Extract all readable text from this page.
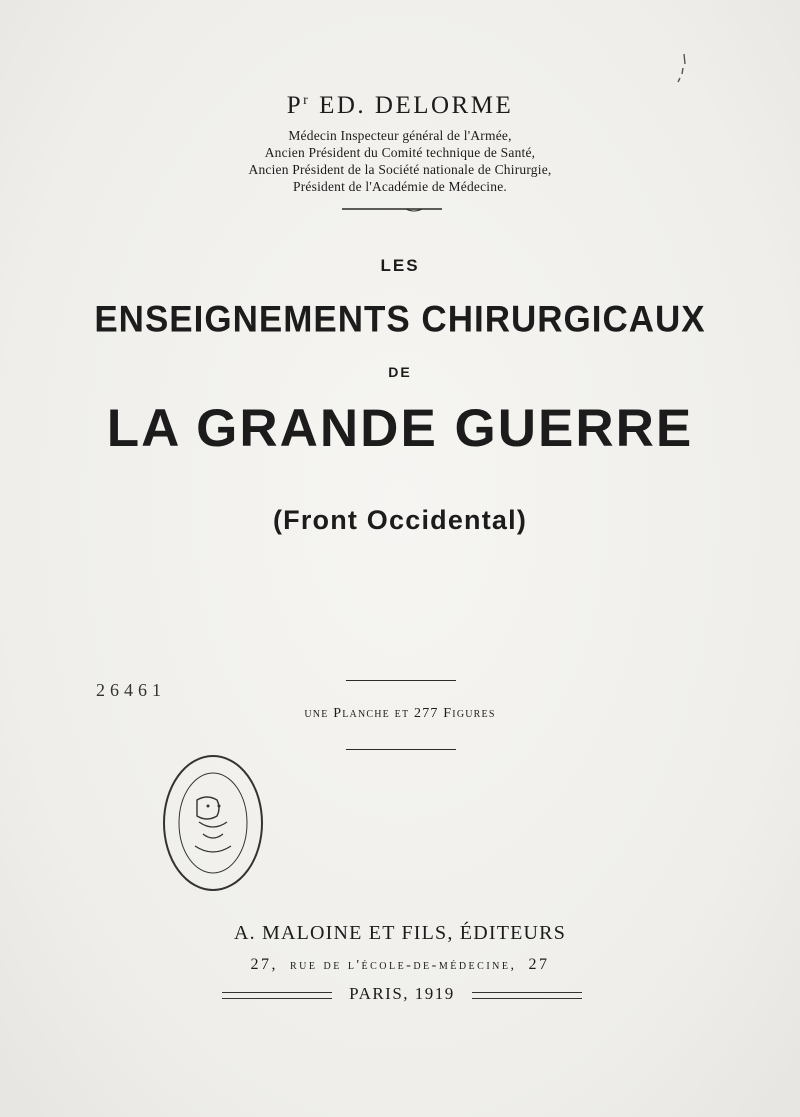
$P^r$ ED. DELORME
Médecin Inspecteur général de l'Armée,
Ancien Président du Comité technique de Santé,
Ancien Président de la Société nationale de Chirurgie,
Président de l'Académie de Médecine.
LES
ENSEIGNEMENTS CHIRURGICAUX
DE
LA GRANDE GUERRE
(Front Occidental)
26461
une Planche et 277 Figures
A. MALOINE ET FILS, ÉDITEURS
27, rue de l'école-de-médecine, 27
PARIS, 1919
